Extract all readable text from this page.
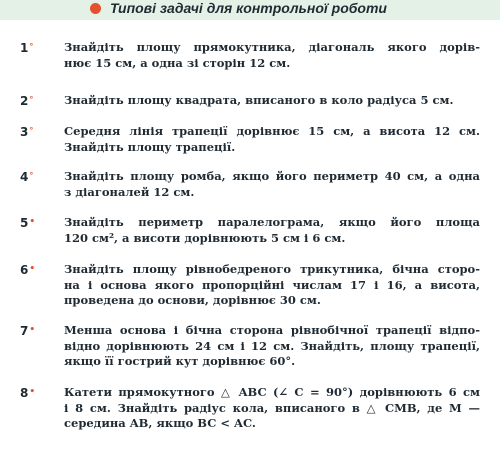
Типові задачі для контрольної роботи
1°	Знайдіть площу прямокутника, діагональ якого дорів-
нює 15 см, а одна зі сторін 12 см.
2°	Знайдіть площу квадрата, вписаного в коло радіуса 5 см.
3°	Середня лінія трапеції дорівнює 15 см, а висота 12 см.
Знайдіть площу трапеції.
4°	Знайдіть площу ромба, якщо його периметр 40 см, а одна
з діагоналей 12 см.
5•	Знайдіть периметр паралелограма, якщо його площа
120 см², а висоти дорівнюють 5 см і 6 см.
6•	Знайдіть площу рівнобедреного трикутника, бічна сторо-
на і основа якого пропорційні числам 17 і 16, а висота,
проведена до основи, дорівнює 30 см.
7•	Менша основа і бічна сторона рівнобічної трапеції відпо-
відно дорівнюють 24 см і 12 см. Знайдіть, площу трапеції,
якщо її гострий кут дорівнює 60°.
8•	Катети прямокутного △ ABC (∠ C = 90°) дорівнюють 6 см
і 8 см. Знайдіть радіус кола, вписаного в △ CMB, де M —
середина AB, якщо BC < AC.
